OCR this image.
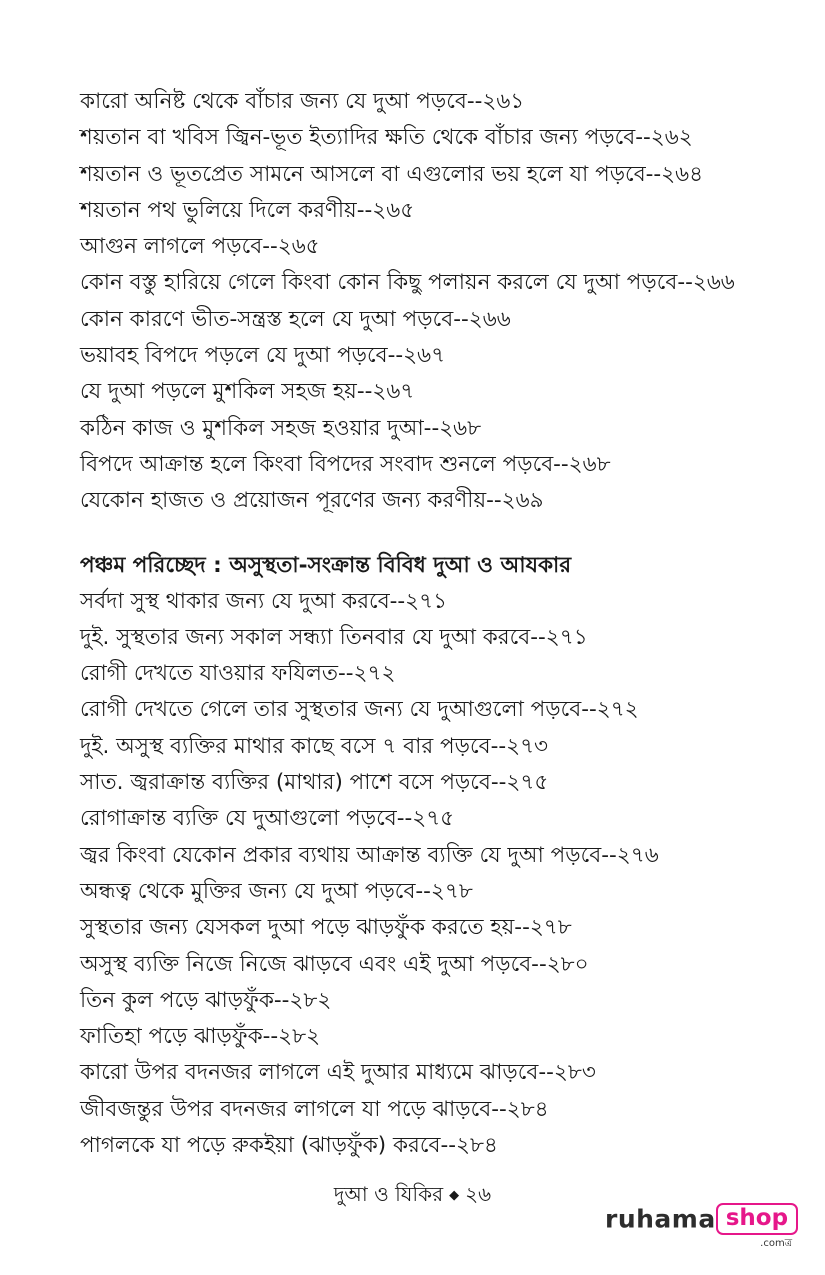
কারো অনিষ্ট থেকে বাঁচার জন্য যে দুআ পড়বে--২৬১
শয়তান বা খবিস জ্বিন-ভূত ইত্যাদির ক্ষতি থেকে বাঁচার জন্য পড়বে--২৬২
শয়তান ও ভূতপ্রেত সামনে আসলে বা এগুলোর ভয় হলে যা পড়বে--২৬৪
শয়তান পথ ভুলিয়ে দিলে করণীয়--২৬৫
আগুন লাগলে পড়বে--২৬৫
কোন বস্তু হারিয়ে গেলে কিংবা কোন কিছু পলায়ন করলে যে দুআ পড়বে--২৬৬
কোন কারণে ভীত-সন্ত্রস্ত হলে যে দুআ পড়বে--২৬৬
ভয়াবহ বিপদে পড়লে যে দুআ পড়বে--২৬৭
যে দুআ পড়লে মুশকিল সহজ হয়--২৬৭
কঠিন কাজ ও মুশকিল সহজ হওয়ার দুআ--২৬৮
বিপদে আক্রান্ত হলে কিংবা বিপদের সংবাদ শুনলে পড়বে--২৬৮
যেকোন হাজত ও প্রয়োজন পূরণের জন্য করণীয়--২৬৯
পঞ্চম পরিচ্ছেদ : অসুস্থতা-সংক্রান্ত বিবিধ দুআ ও আযকার
সর্বদা সুস্থ থাকার জন্য যে দুআ করবে--২৭১
দুই. সুস্থতার জন্য সকাল সন্ধ্যা তিনবার যে দুআ করবে--২৭১
রোগী দেখতে যাওয়ার ফযিলত--২৭২
রোগী দেখতে গেলে তার সুস্থতার জন্য যে দুআগুলো পড়বে--২৭২
দুই. অসুস্থ ব্যক্তির মাথার কাছে বসে ৭ বার পড়বে--২৭৩
সাত. জ্বরাক্রান্ত ব্যক্তির (মাথার) পাশে বসে পড়বে--২৭৫
রোগাক্রান্ত ব্যক্তি যে দুআগুলো পড়বে--২৭৫
জ্বর কিংবা যেকোন প্রকার ব্যথায় আক্রান্ত ব্যক্তি যে দুআ পড়বে--২৭৬
অন্ধত্ব থেকে মুক্তির জন্য যে দুআ পড়বে--২৭৮
সুস্থতার জন্য যেসকল দুআ পড়ে ঝাড়ফুঁক করতে হয়--২৭৮
অসুস্থ ব্যক্তি নিজে নিজে ঝাড়বে এবং এই দুআ পড়বে--২৮০
তিন কুল পড়ে ঝাড়ফুঁক--২৮২
ফাতিহা পড়ে ঝাড়ফুঁক--২৮২
কারো উপর বদনজর লাগলে এই দুআর মাধ্যমে ঝাড়বে--২৮৩
জীবজন্তুর উপর বদনজর লাগলে যা পড়ে ঝাড়বে--২৮৪
পাগলকে যা পড়ে রুকইয়া (ঝাড়ফুঁক) করবে--২৮৪
দুআ ও যিকির ◆ ২৬
ruhama shop
.comত্র
